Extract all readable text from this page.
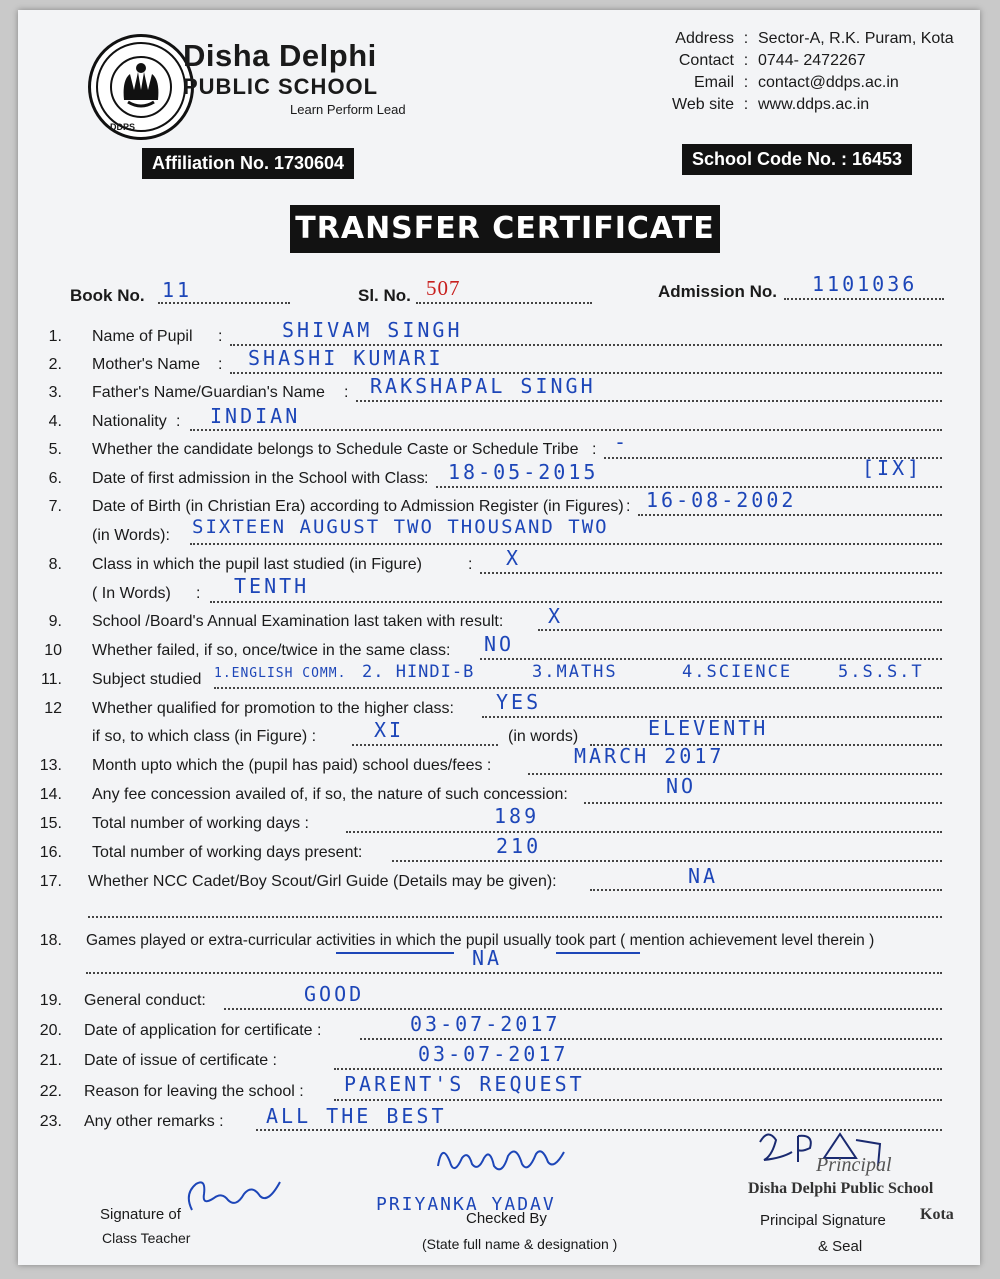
DDPS
Disha Delphi
PUBLIC SCHOOL
Learn Perform Lead
Address : Sector-A, R.K. Puram, Kota
Contact : 0744- 2472267
Email : contact@ddps.ac.in
Web site : www.ddps.ac.in
Affiliation No. 1730604	School Code No. : 16453
TRANSFER CERTIFICATE
Book No. 11	Sl. No. 507	Admission No. 1101036
1. Name of Pupil :	SHIVAM SINGH
2. Mother's Name : SHASHI KUMARI
3. Father's Name/Guardian's Name : RAKSHAPAL SINGH
4. Nationality : INDIAN
5. Whether the candidate belongs to Schedule Caste or Schedule Tribe : -
6. Date of first admission in the School with Class : 18-05-2015	[IX]
7. Date of Birth (in Christian Era) according to Admission Register (in Figures) : 16-08-2002
(in Words): SIXTEEN AUGUST TWO THOUSAND TWO
8. Class in which the pupil last studied (in Figure)	: X
( In Words) : TENTH
9. School /Board's Annual Examination last taken with result: X
10 Whether failed, if so, once/twice in the same class: NO
11. Subject studied 1.ENGLISH COMM. 2. HINDI-B	3.MATHS	4.SCIENCE	5.S.S.T
12 Whether qualified for promotion to the higher class: YES
if so, to which class (in Figure) :	XI	(in words)	ELEVENTH
13. Month upto which the (pupil has paid) school dues/fees :	MARCH 2017
14. Any fee concession availed of, if so, the nature of such concession:	NO
15. Total number of working days :	189
16. Total number of working days present:	210
17. Whether NCC Cadet/Boy Scout/Girl Guide (Details may be given):	NA
18. Games played or extra-curricular activities in which the pupil usually took part ( mention achievement level therein )
NA
19. General conduct:	GOOD
20. Date of application for certificate :	03-07-2017
21. Date of issue of certificate :	03-07-2017
22. Reason for leaving the school : PARENT'S REQUEST
23. Any other remarks : ALL THE BEST
Signature of
Class Teacher
PRIYANKA YADAV
Checked By
(State full name & designation )
Principal
Disha Delphi Public School
Kota
Principal Signature
& Seal
